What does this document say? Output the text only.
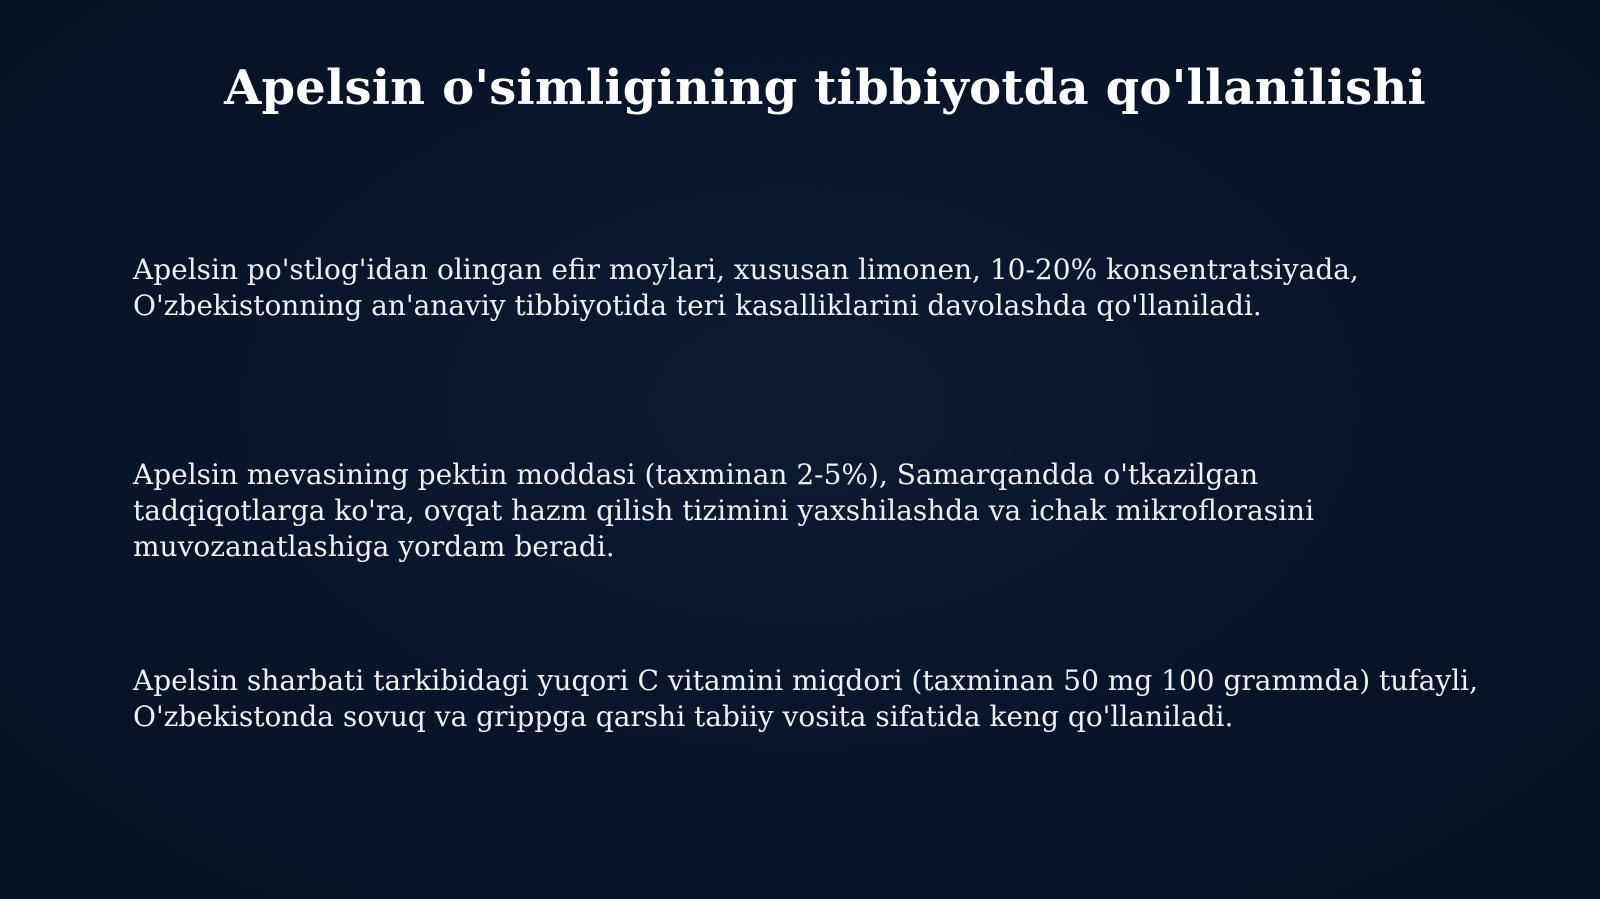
Apelsin o'simligining tibbiyotda qo'llanilishi

Apelsin po'stlog'idan olingan efir moylari, xususan limonen, 10-20% konsentratsiyada,
O'zbekistonning an'anaviy tibbiyotida teri kasalliklarini davolashda qo'llaniladi.

Apelsin mevasining pektin moddasi (taxminan 2-5%), Samarqandda o'tkazilgan
tadqiqotlarga ko'ra, ovqat hazm qilish tizimini yaxshilashda va ichak mikroflorasini
muvozanatlashiga yordam beradi.

Apelsin sharbati tarkibidagi yuqori C vitamini miqdori (taxminan 50 mg 100 grammda) tufayli,
O'zbekistonda sovuq va grippga qarshi tabiiy vosita sifatida keng qo'llaniladi.
